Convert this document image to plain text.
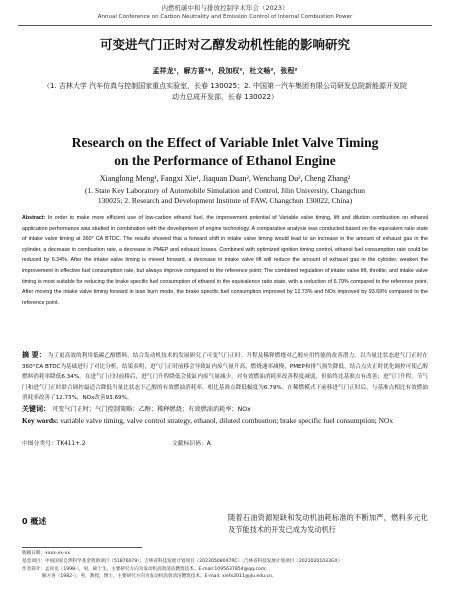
内燃机碳中和与排放控制学术年会（2023）
Annual Conference on Carbon Neutrality and Emission Control of Internal Combustion Power
可变进气门正时对乙醇发动机性能的影响研究
孟祥龙¹，解方喜¹*，段加权²，杜文畅²，张程²
（1. 吉林大学 汽车仿真与控制国家重点实验室，长春 130025；2. 中国第一汽车集团有限公司研发总院新能源开发院动力总成开发部，长春 130022）
Research on the Effect of Variable Inlet Valve Timing
on the Performance of Ethanol Engine
Xianglong Meng¹, Fangxi Xie¹, Jiaquan Duan², Wenchang Du², Cheng Zhang²
(1. State Key Laboratory of Automobile Simulation and Control, Jilin University, Changchun
130025; 2. Research and Development Institute of FAW, Changchun 130022, China)
Abstract: In order to make more efficient use of low-carbon ethanol fuel, the improvement potential of Variable valve timing, lift and dilution combustion on ethanol application performance was studied in combination with the development of engine technology. A comparative analysis was conducted based on the equivalent ratio state of intake valve timing at 360° CA BTDC. The results showed that a forward shift in intake valve timing would lead to an increase in the amount of exhaust gas in the cylinder, a decrease in combustion rate, a decrease in PMEP and exhaust losses. Combined with optimized ignition timing control, ethanol fuel consumption rate could be reduced by 6.34%. After the intake valve timing is moved forward, a decrease in intake valve lift will reduce the amount of exhaust gas in the cylinder, weaken the improvement in effective fuel consumption rate, but always improve compared to the reference point; The combined regulation of intake valve lift, throttle, and intake valve timing is most suitable for reducing the brake specific fuel consumption of ethanol in the equivalence ratio state, with a reduction of 6.79% compared to the reference point. After moving the intake valve timing forward in lean burn mode, the brake specific fuel consumption improved by 12.73% and NOx improved by 93.69% compared to the reference point.
摘 要： 为了更高效的利用低碳乙醇燃料，结合发动机技术的发展研究了可变气门正时、升程及稀释燃烧对乙醇应用性能的改善潜力。以当量比状态进气门正时在360°CA BTDC为基础进行了对比分析，结果表明，进气门正时前移会导致缸内废气量升高，燃烧速率减慢，PMEP和排气损失降低，结合点火正时优化调控可使乙醇燃料消耗率降低6.34%。在进气门正时前移后，进气门升程降低会使缸内废气量减少，对有效燃油消耗率改善程度减弱，但始终比基准点有改善；进气门升程、节气门和进气门正时联合调控最适合降低当量比状态下乙醇的有效燃油消耗率，相比基准点降低幅度为6.79%。在稀燃模式下前移进气门正时后，与基准点相比有效燃油消耗率改善了12.73%，NOx改善93.69%。
关键词： 可变气门正时；气门控制策略；乙醇；稀释燃烧；有效燃油消耗率；NOx
Key words: variable valve timing, valve control strategy, ethanol, diluted combustion; brake specific fuel consumption; NOx
中图分类号：TK411+.2	文献标识码：A
0 概述	随着石油资源短缺和发动机油耗标准的不断加严，燃料多元化及节能技术的开发已成为发动机行
收稿日期：xxxx-xx-xx
基金项目：中国国家自然科学基金资助项目（51876079）；吉林省科技发展计划项目（20230508047RC）;吉林省科技发展计划项目（20210201033GX）
作者简介：孟祥龙（1998-），男，硕士生。主要研究方向为发动机高效清洁燃烧技术。E-mail:1095637854@qq.com;
解方喜（1982-），男，教授，博士，主要研究方向为发动机高效清洁燃烧技术。E-mail: xiefx2011@jlu.edu.cn。
